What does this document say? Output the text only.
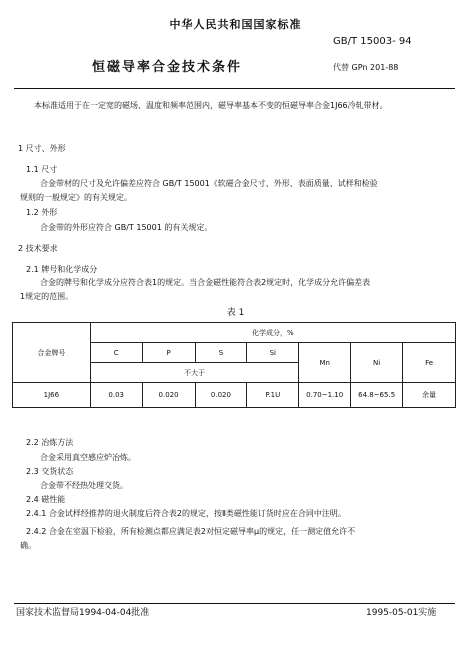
中华人民共和国国家标准
GB/T 15003- 94
恒磁导率合金技术条件	代替 GPn 201-88
本标准适用于在一定宽的磁场、温度和频率范围内，磁导率基本不变的恒磁导率合金1J66冷轧带材。
1 尺寸、外形
1.1 尺寸
合金带材的尺寸及允许偏差应符合 GB/T 15001《软磁合金尺寸、外形、表面质量、试样和检验
规则的一般规定》的有关规定。
1.2 外形
合金带的外形应符合 GB/T 15001 的有关规定。
2 技术要求
2.1 牌号和化学成分
合金的牌号和化学成分应符合表1的规定。当合金磁性能符合表2规定时，化学成分允许偏差表
1规定的范围。
表 1
合金牌号	化学成分，%						
	C	P	S	Si	Mn	Ni	Fe
	不大于						
1J66	0.03	0.020	0.020	P.1U	0.70~1.10	64.8~65.5	余量
2.2 冶炼方法
合金采用真空感应炉冶炼。
2.3 交货状态
合金带不经热处理交货。
2.4 磁性能
2.4.1 合金试样经推荐的退火制度后符合表2的规定，按Ⅱ类磁性能订货时应在合同中注明。
2.4.2 合金在室温下检验，所有检测点都应满足表2对恒定磁导率μ的规定，任一测定值允许不
确。
国家技术监督局1994-04-04批准	1995-05-01实施
